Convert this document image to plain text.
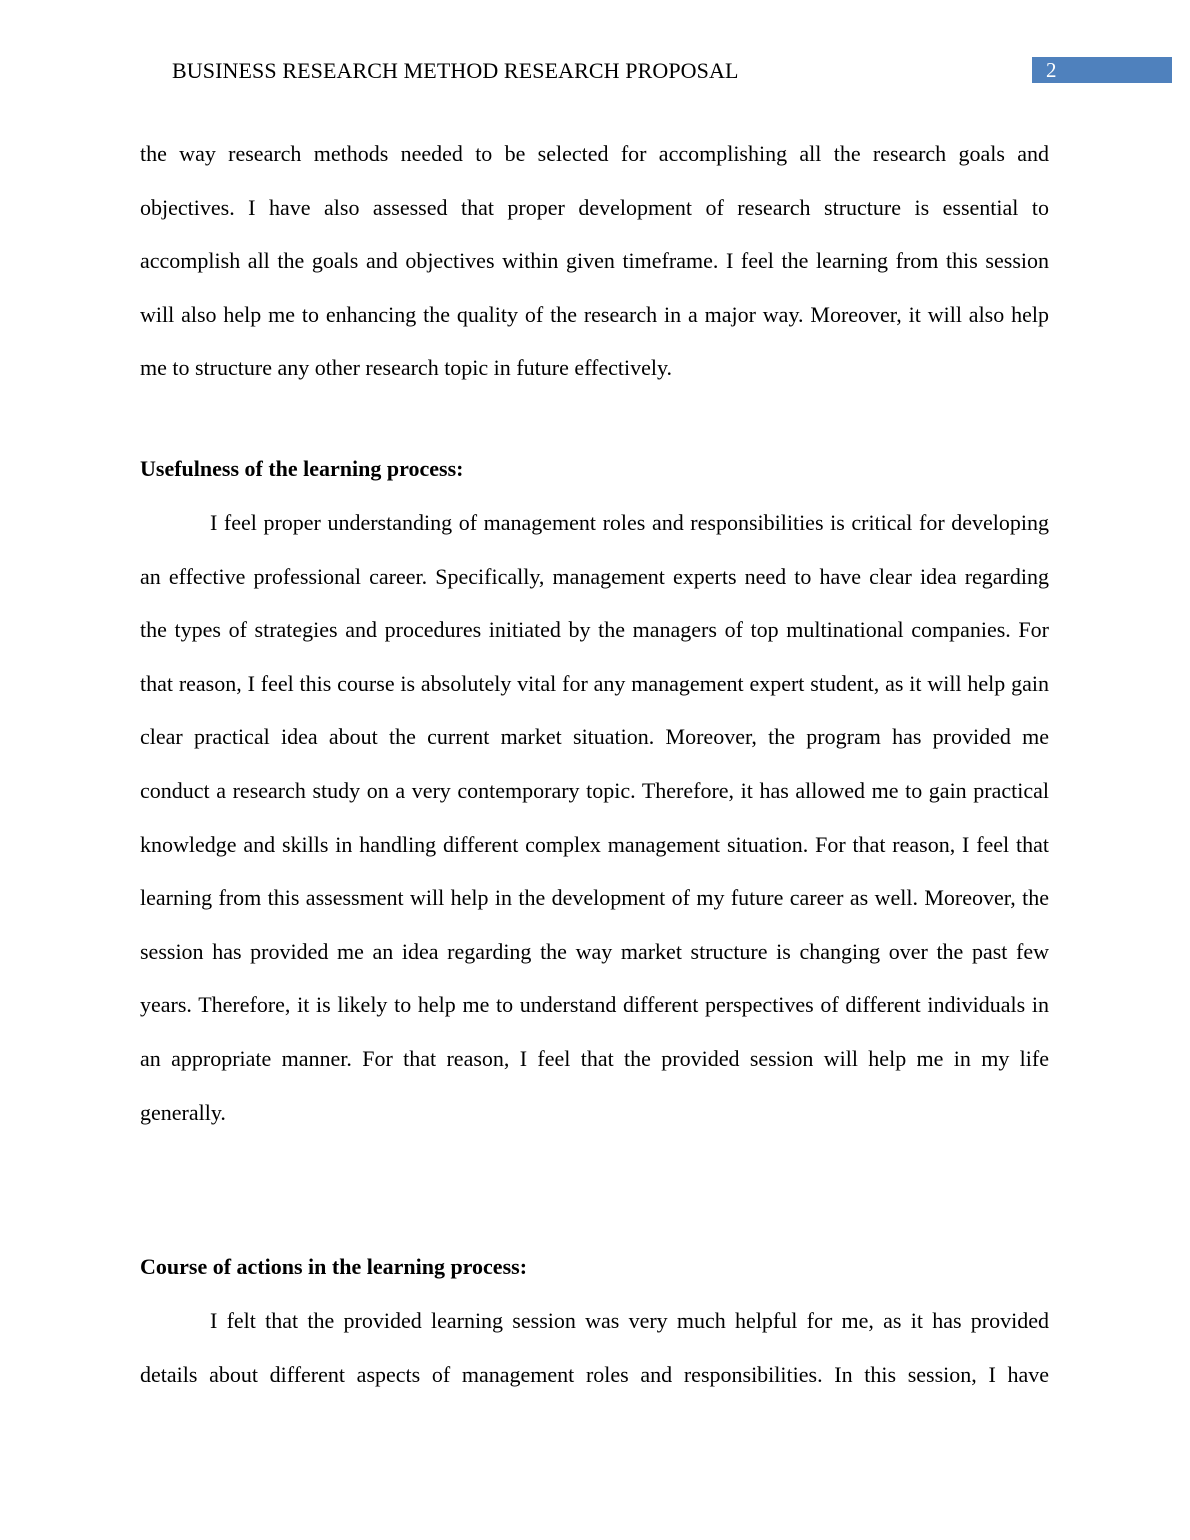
BUSINESS RESEARCH METHOD RESEARCH PROPOSAL	2

the way research methods needed to be selected for accomplishing all the research goals and objectives. I have also assessed that proper development of research structure is essential to accomplish all the goals and objectives within given timeframe. I feel the learning from this session will also help me to enhancing the quality of the research in a major way. Moreover, it will also help me to structure any other research topic in future effectively.

Usefulness of the learning process:

I feel proper understanding of management roles and responsibilities is critical for developing an effective professional career. Specifically, management experts need to have clear idea regarding the types of strategies and procedures initiated by the managers of top multinational companies. For that reason, I feel this course is absolutely vital for any management expert student, as it will help gain clear practical idea about the current market situation. Moreover, the program has provided me conduct a research study on a very contemporary topic. Therefore, it has allowed me to gain practical knowledge and skills in handling different complex management situation. For that reason, I feel that learning from this assessment will help in the development of my future career as well. Moreover, the session has provided me an idea regarding the way market structure is changing over the past few years. Therefore, it is likely to help me to understand different perspectives of different individuals in an appropriate manner. For that reason, I feel that the provided session will help me in my life generally.

Course of actions in the learning process:

I felt that the provided learning session was very much helpful for me, as it has provided details about different aspects of management roles and responsibilities. In this session, I have
